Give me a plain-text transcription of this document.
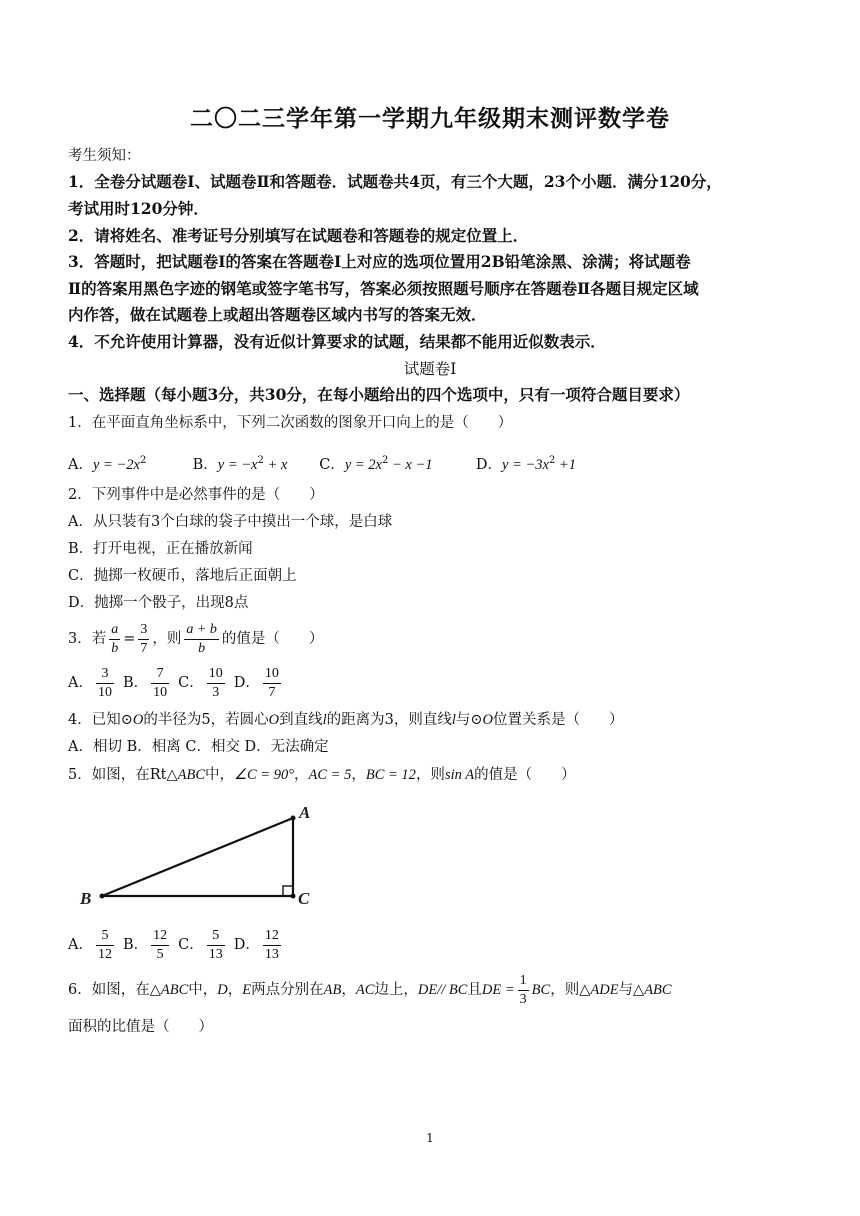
二〇二三学年第一学期九年级期末测评数学卷
考生须知：
1．全卷分试题卷Ⅰ、试题卷Ⅱ和答题卷．试题卷共4页，有三个大题，23个小题．满分120分，
考试用时120分钟．
2．请将姓名、准考证号分别填写在试题卷和答题卷的规定位置上．
3．答题时，把试题卷Ⅰ的答案在答题卷Ⅰ上对应的选项位置用2B铅笔涂黑、涂满；将试题卷
Ⅱ的答案用黑色字迹的钢笔或签字笔书写，答案必须按照题号顺序在答题卷Ⅱ各题目规定区域
内作答，做在试题卷上或超出答题卷区域内书写的答案无效．
4．不允许使用计算器，没有近似计算要求的试题，结果都不能用近似数表示．
试题卷Ⅰ
一、选择题（每小题3分，共30分，在每小题给出的四个选项中，只有一项符合题目要求）
1．在平面直角坐标系中，下列二次函数的图象开口向上的是（　　）
A．$y = -2x^2$	B．$y = -x^2 + x$ C．$y = 2x^2 - x -1$	D．$y = -3x^2 +1$
2．下列事件中是必然事件的是（　　）
A．从只装有3个白球的袋子中摸出一个球，是白球
B．打开电视，正在播放新闻
C．抛掷一枚硬币，落地后正面朝上
D．抛掷一个骰子，出现8点
3．若 $\frac{a}{b} = \frac{3}{7}$ ，则 $\frac{a + b}{b}$ 的值是（　　）
A． $\frac{3}{10}$ B． $\frac{7}{10}$ C． $\frac{10}{3}$ D． $\frac{10}{7}$
4．已知⊙O的半径为5，若圆心O到直线l的距离为3，则直线l与⊙O位置关系是（　　）
A．相切 B．相离 C．相交 D．无法确定
5．如图，在Rt△ABC中，∠C = 90°，AC = 5，BC = 12，则sin A的值是（　　）
A
B	C
A． $\frac{5}{12}$ B． $\frac{12}{5}$ C． $\frac{5}{13}$ D． $\frac{12}{13}$
6．如图，在△ABC中，D，E两点分别在AB，AC边上，DE// BC且DE = $\frac{1}{3}$ BC，则△ADE与△ABC
面积的比值是（　　）
1
